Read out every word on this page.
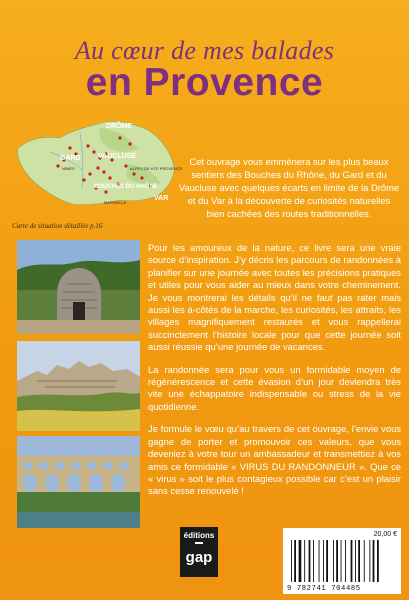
Au cœur de mes balades
en Provence
DRÔME
VAUCLUSE
GARD
BOUCHES DU RHÔNE
VAR
NIMES	ALPES DE HTE PROVENCE
MARSEILLE
Carte de situation détaillée p.16
Cet ouvrage vous emmènera sur les plus beaux sentiers des Bouches du Rhône, du Gard et du Vaucluse avec quelques écarts en limite de la Drôme et du Var à la découverte de curiosités naturelles bien cachées des routes traditionnelles.

Pour les amoureux de la nature, ce livre sera une vraie source d’inspiration. J’y décris les parcours de randonnées à planifier sur une journée avec toutes les précisions pratiques et utiles pour vous aider au mieux dans votre cheminement. Je vous montrerai les détails qu’il ne faut pas rater mais aussi les à-côtés de la marche, les curiosités, les attraits, les villages magnifiquement restaurés et vous rappellerai succinctement l’histoire locale pour que cette journée soit aussi réussie qu’une journée de vacances.

La randonnée sera pour vous un formidable moyen de régénérescence et cette évasion d’un jour deviendra très vite une échappatoire indispensable ou stress de la vie quotidienne.

Je formule le vœu qu’au travers de cet ouvrage, l’envie vous gagne de porter et promouvoir ces valeurs, que vous deveniez à votre tour un ambassadeur et transmettiez à vos amis ce formidable « VIRUS DU RANDONNEUR ». Que ce « virus » soit le plus contagieux possible car c’est un plaisir sans cesse renouvelé !

éditions
gap
20,00 €
9 782741 704485
